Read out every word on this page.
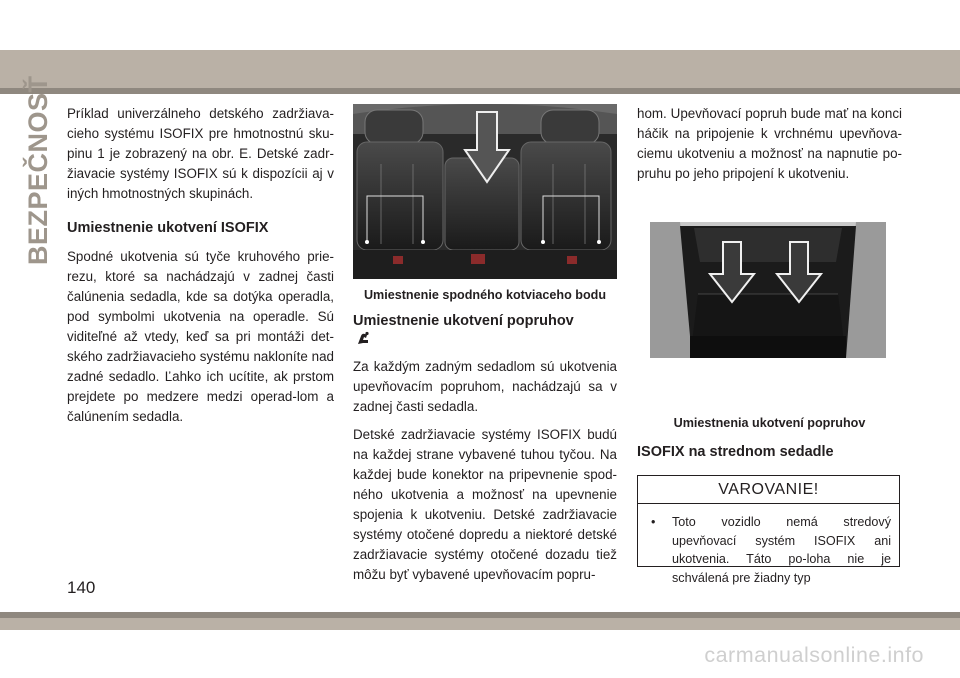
BEZPEČNOSŤ Príklad univerzálneho detského zadržiava-cieho systému ISOFIX pre hmotnostnú sku-pinu 1 je zobrazený na obr. E. Detské zadr-žiavacie systémy ISOFIX sú k dispozícii aj v iných hmotnostných skupinách.

Umiestnenie ukotvení ISOFIX

Spodné ukotvenia sú tyče kruhového prie-rezu, ktoré sa nachádzajú v zadnej časti čalúnenia sedadla, kde sa dotýka operadla, pod symbolmi ukotvenia na operadle. Sú viditeľné až vtedy, keď sa pri montáži det-ského zadržiavacieho systému nakloníte nad zadné sedadlo. Ľahko ich ucítite, ak prstom prejdete po medzere medzi operad-lom a čalúnením sedadla.

Umiestnenie spodného kotviaceho bodu
Umiestnenie ukotvení popruhov

Za každým zadným sedadlom sú ukotvenia upevňovacím popruhom, nachádzajú sa v zadnej časti sedadla.

Detské zadržiavacie systémy ISOFIX budú na každej strane vybavené tuhou tyčou. Na každej bude konektor na pripevnenie spod-ného ukotvenia a možnosť na upevnenie spojenia k ukotveniu. Detské zadržiavacie systémy otočené dopredu a niektoré detské zadržiavacie systémy otočené dozadu tiež môžu byť vybavené upevňovacím popru-

hom. Upevňovací popruh bude mať na konci háčik na pripojenie k vrchnému upevňova-ciemu ukotveniu a možnosť na napnutie po-pruhu po jeho pripojení k ukotveniu.

Umiestnenia ukotvení popruhov
ISOFIX na strednom sedadle
VAROVANIE!
• Toto vozidlo nemá stredový upevňovací systém ISOFIX ani ukotvenia. Táto po-loha nie je schválená pre žiadny typ
140
carmanualsonline.info
